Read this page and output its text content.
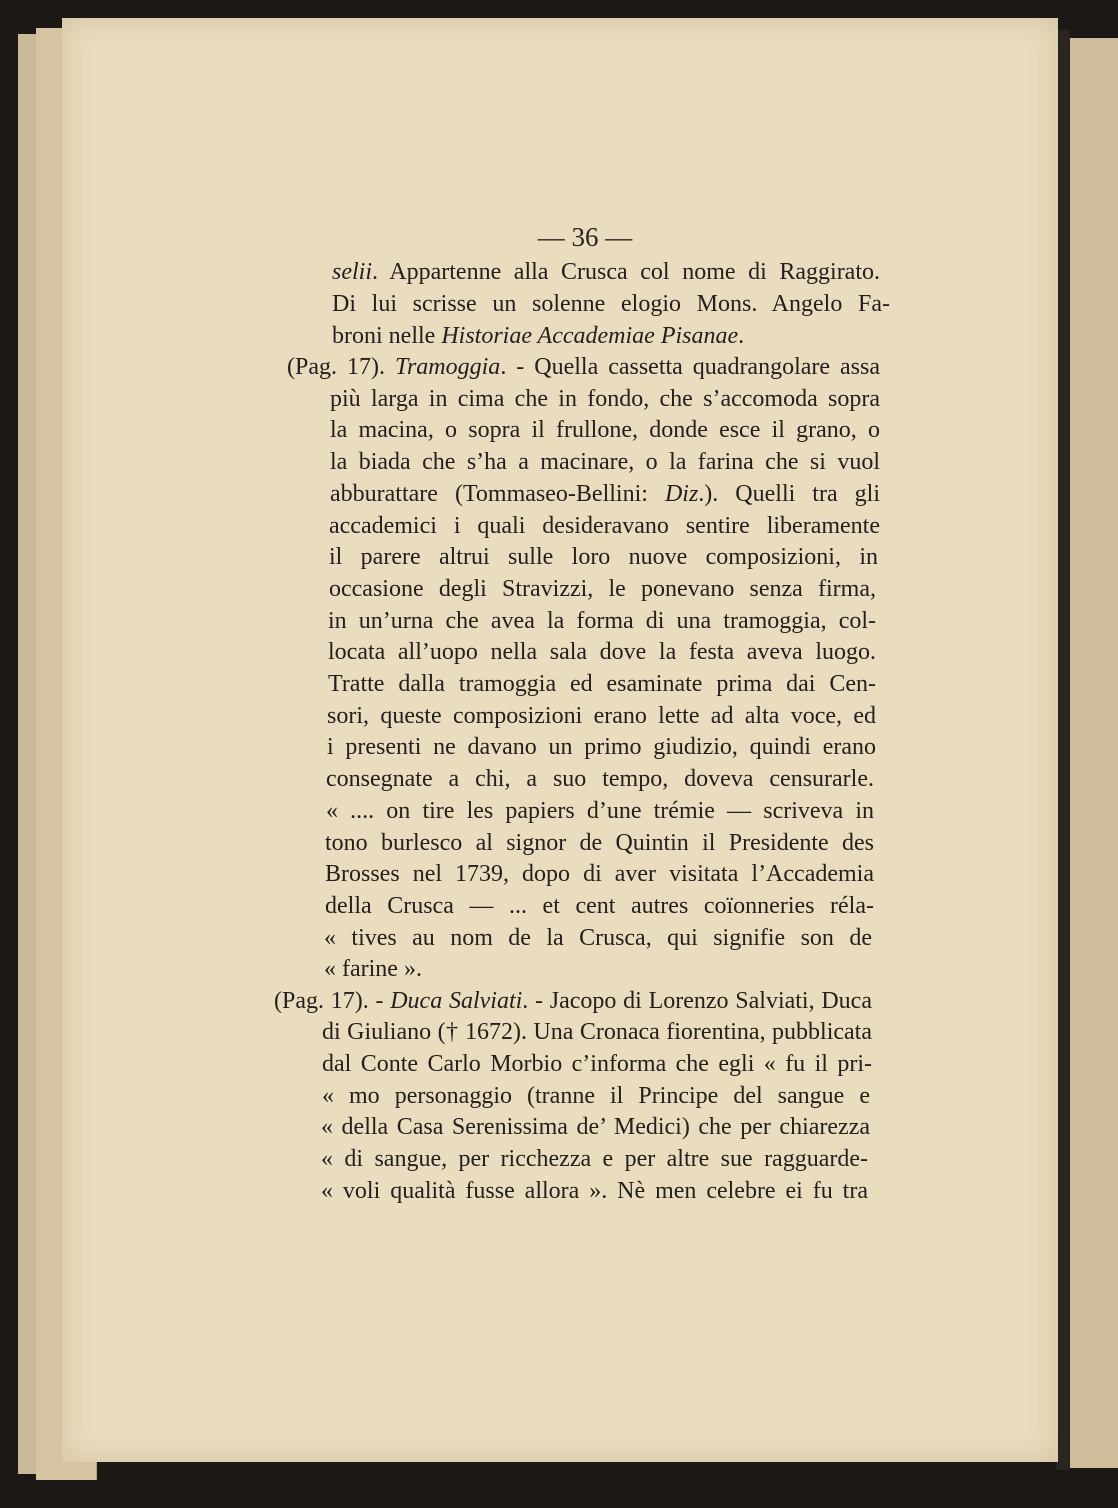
— 36 —
selii. Appartenne alla Crusca col nome di Raggirato.
Di lui scrisse un solenne elogio Mons. Angelo Fa-
broni nelle Historiae Accademiae Pisanae.
(Pag. 17). Tramoggia. - Quella cassetta quadrangolare assa
più larga in cima che in fondo, che s’accomoda sopra
la macina, o sopra il frullone, donde esce il grano, o
la biada che s’ha a macinare, o la farina che si vuol
abburattare (Tommaseo-Bellini: Diz.). Quelli tra gli
accademici i quali desideravano sentire liberamente
il parere altrui sulle loro nuove composizioni, in
occasione degli Stravizzi, le ponevano senza firma,
in un’urna che avea la forma di una tramoggia, col-
locata all’uopo nella sala dove la festa aveva luogo.
Tratte dalla tramoggia ed esaminate prima dai Cen-
sori, queste composizioni erano lette ad alta voce, ed
i presenti ne davano un primo giudizio, quindi erano
consegnate a chi, a suo tempo, doveva censurarle.
« .... on tire les papiers d’une trémie — scriveva in
tono burlesco al signor de Quintin il Presidente des
Brosses nel 1739, dopo di aver visitata l’Accademia
della Crusca — ... et cent autres coïonneries réla-
« tives au nom de la Crusca, qui signifie son de
« farine ».
(Pag. 17). - Duca Salviati. - Jacopo di Lorenzo Salviati, Duca
di Giuliano († 1672). Una Cronaca fiorentina, pubblicata
dal Conte Carlo Morbio c’informa che egli « fu il pri-
« mo personaggio (tranne il Principe del sangue e
« della Casa Serenissima de’ Medici) che per chiarezza
« di sangue, per ricchezza e per altre sue ragguarde-
« voli qualità fusse allora ». Nè men celebre ei fu tra
